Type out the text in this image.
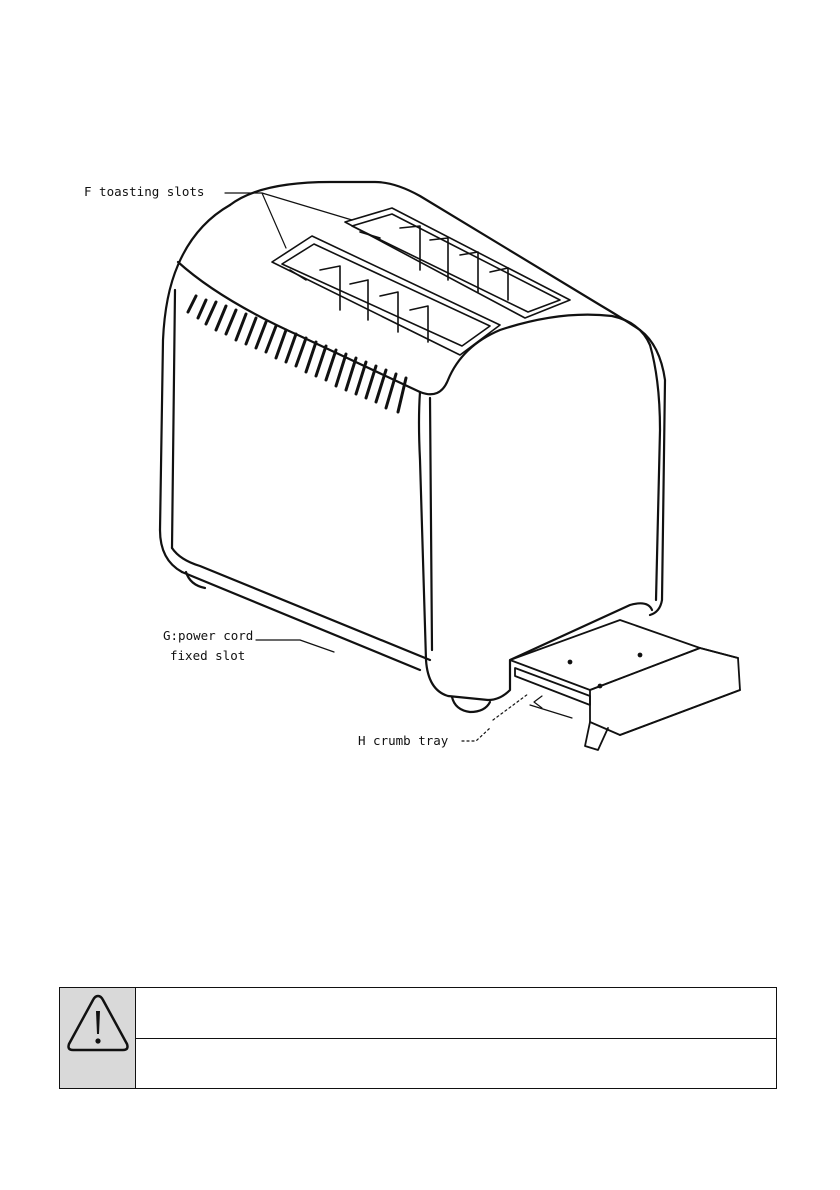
F toasting slots
G:power cord
fixed slot
H crumb tray
